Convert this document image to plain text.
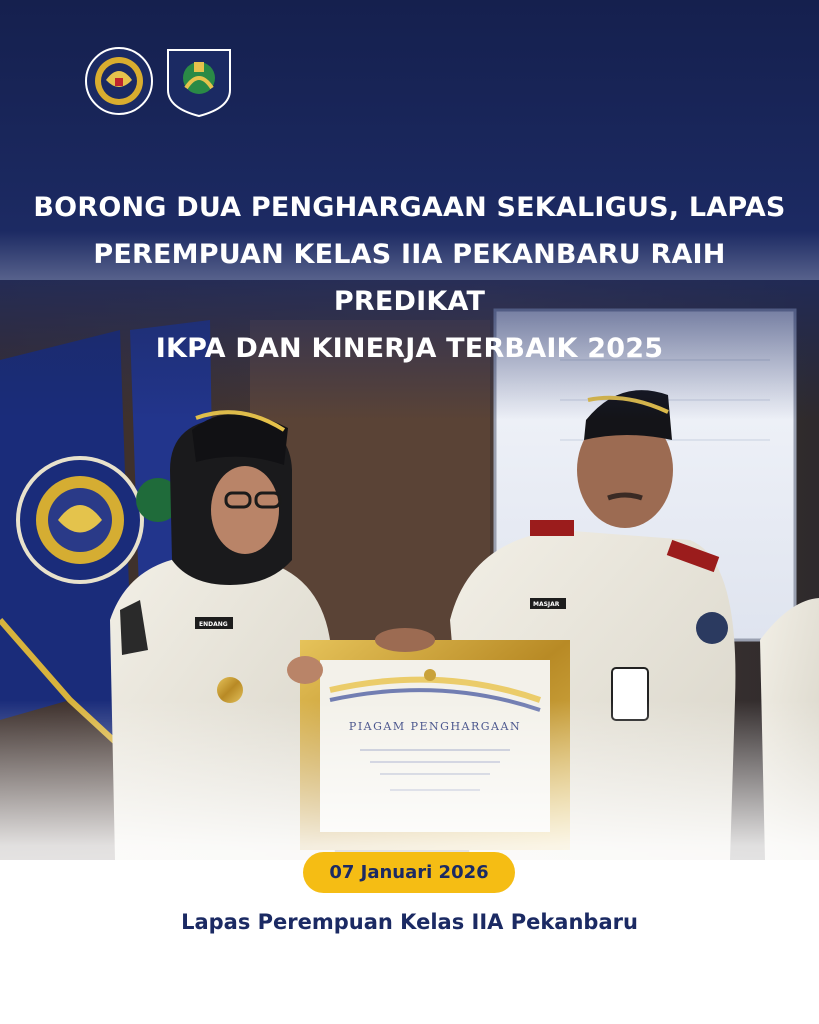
ENDANG
MASJAR
BORONG DUA PENGHARGAAN SEKALIGUS, LAPAS
PEREMPUAN KELAS IIA PEKANBARU RAIH PREDIKAT
IKPA DAN KINERJA TERBAIK 2025
07 Januari 2026
Lapas Perempuan Kelas IIA Pekanbaru
